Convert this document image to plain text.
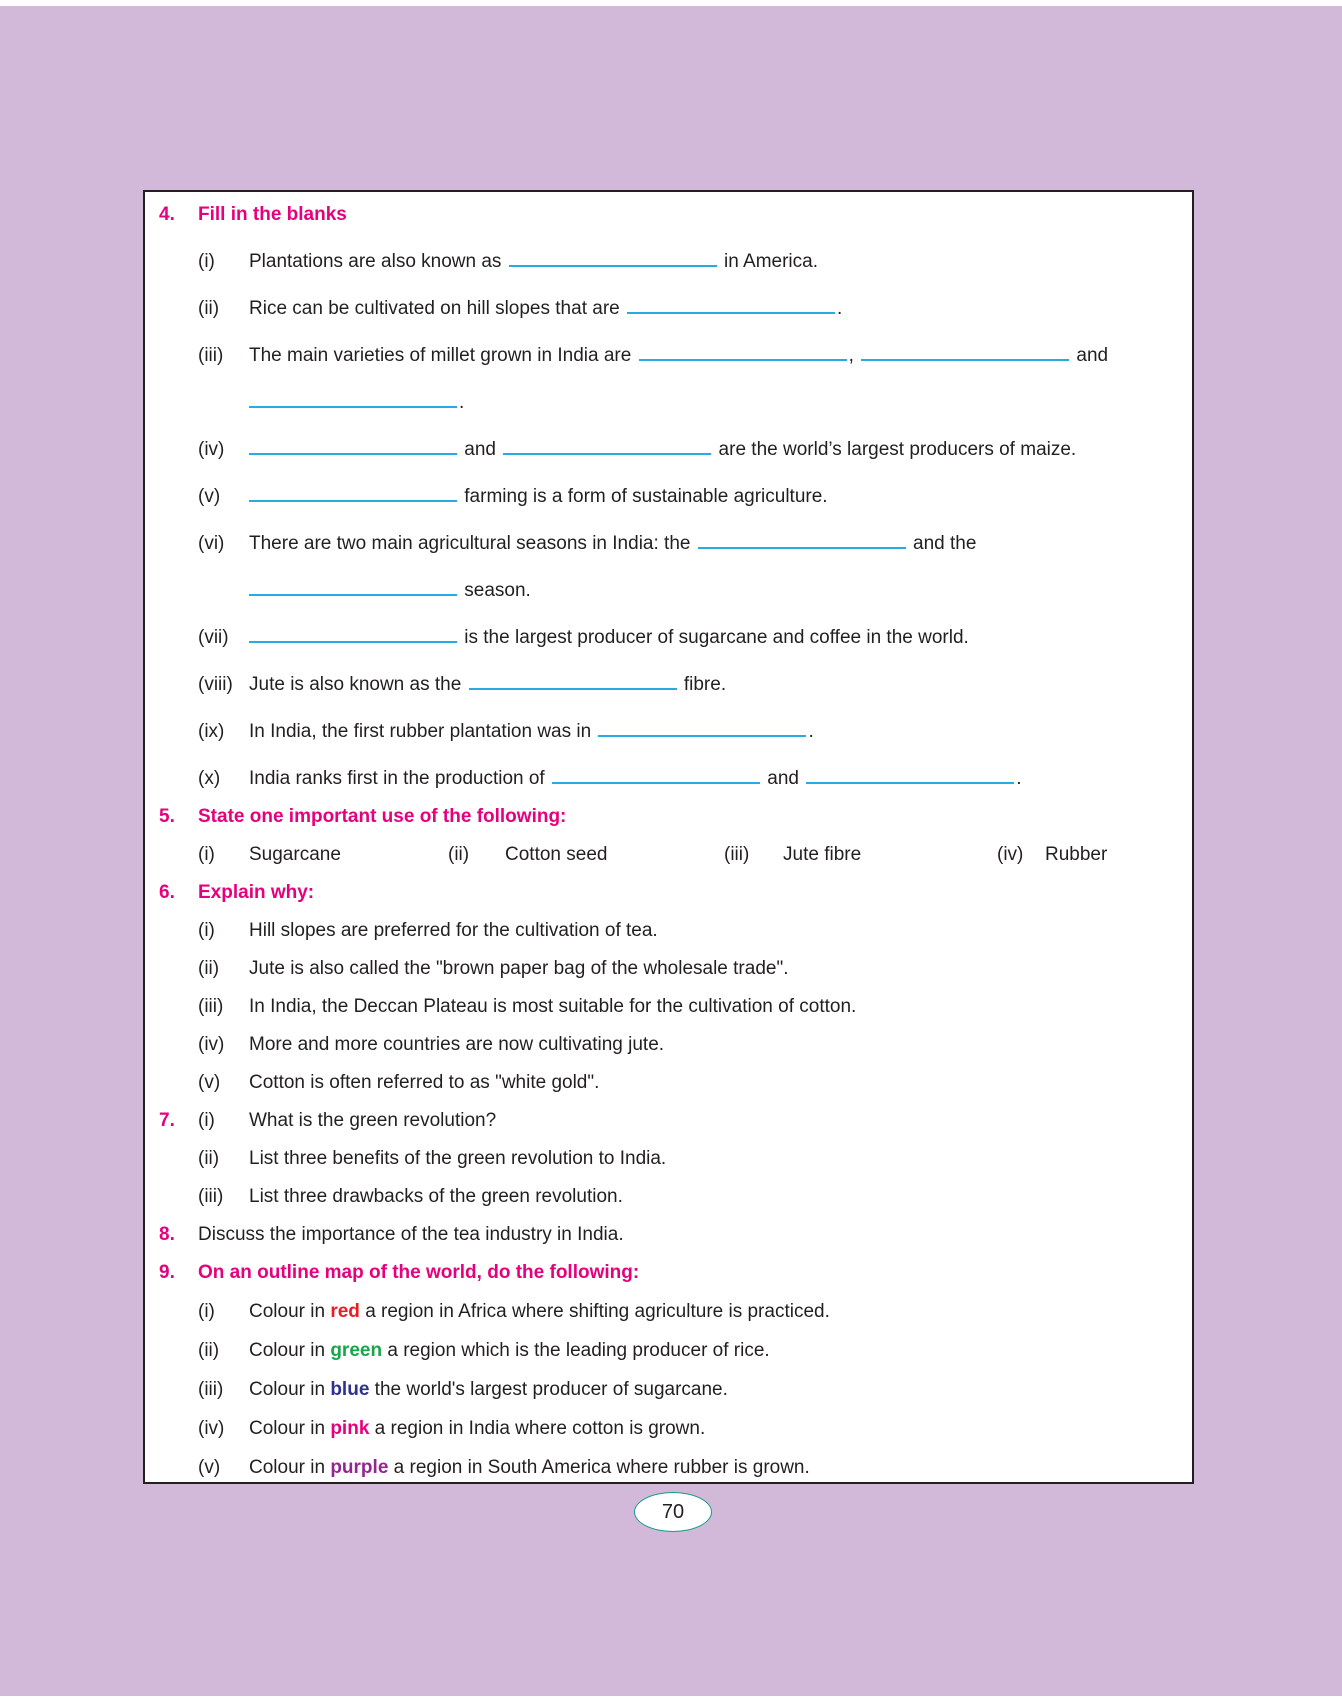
4. Fill in the blanks
(i) Plantations are also known as	in America.
(ii) Rice can be cultivated on hill slopes that are	.
(iii) The main varieties of millet grown in India are	,	and
.
(iv)	and	are the world’s largest producers of maize.
(v)	farming is a form of sustainable agriculture.
(vi) There are two main agricultural seasons in India: the	and the
season.
(vii)	is the largest producer of sugarcane and coffee in the world.
(viii) Jute is also known as the	fibre.
(ix) In India, the first rubber plantation was in	.
(x) India ranks first in the production of	and	.
5. State one important use of the following:
(i) Sugarcane	(ii) Cotton seed	(iii) Jute fibre	(iv) Rubber
6. Explain why:
(i) Hill slopes are preferred for the cultivation of tea.
(ii) Jute is also called the "brown paper bag of the wholesale trade".
(iii) In India, the Deccan Plateau is most suitable for the cultivation of cotton.
(iv) More and more countries are now cultivating jute.
(v) Cotton is often referred to as "white gold".
7. (i) What is the green revolution?
(ii) List three benefits of the green revolution to India.
(iii) List three drawbacks of the green revolution.
8. Discuss the importance of the tea industry in India.
9. On an outline map of the world, do the following:
(i) Colour in red a region in Africa where shifting agriculture is practiced.
(ii) Colour in green a region which is the leading producer of rice.
(iii) Colour in blue the world's largest producer of sugarcane.
(iv) Colour in pink a region in India where cotton is grown.
(v) Colour in purple a region in South America where rubber is grown.
70
